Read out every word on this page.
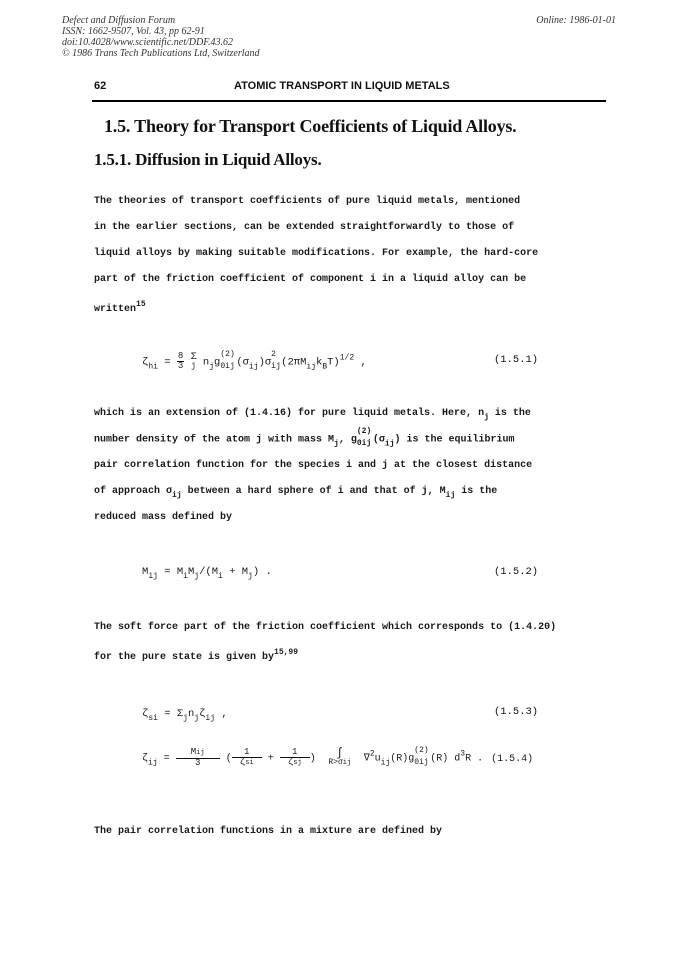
Defect and Diffusion Forum
ISSN: 1662-9507, Vol. 43, pp 62-91
doi:10.4028/www.scientific.net/DDF.43.62
© 1986 Trans Tech Publications Ltd, Switzerland
Online: 1986-01-01
62	ATOMIC TRANSPORT IN LIQUID METALS
1.5. Theory for Transport Coefficients of Liquid Alloys.
1.5.1. Diffusion in Liquid Alloys.
The theories of transport coefficients of pure liquid metals, mentioned
in the earlier sections, can be extended straightforwardly to those of
liquid alloys by making suitable modifications. For example, the hard-core
part of the friction coefficient of component i in a liquid alloy can be
written$^{15}$
$\zeta_{hi} = \frac{8}{3}$
Σ
j $n_jg$
(2)
0ij $(\sigma_{ij})\sigma$
2
ij $(2\pi M_{ij}k_BT)^{1/2}$ ,	(1.5.1)
which is an extension of (1.4.16) for pure liquid metals. Here, $n_j$ is the
number density of the atom j with mass $M_j$, g
(2)
0ij $(\sigma_{ij})$ is the equilibrium
pair correlation function for the species i and j at the closest distance
of approach $\sigma_{ij}$ between a hard sphere of i and that of j, $M_{ij}$ is the
reduced mass defined by
$M_{ij} = M_iM_j/(M_i + M_j)$ .	(1.5.2)
The soft force part of the friction coefficient which corresponds to (1.4.20)
for the pure state is given by$^{15,99}$
$\zeta_{si} = \Sigma_jn_j\zeta_{ij}$ ,	(1.5.3)
$\zeta_{ij} = \frac{\text{Mij}}{3}$ ( $\frac{1}{\text{ζsi}} + \frac{1}{\text{ζsj}}$ )	∫
R>σij	$\nabla^2u_{ij}(R)g$
(2)
0ij (R) $d^3R$ . (1.5.4)
The pair correlation functions in a mixture are defined by
